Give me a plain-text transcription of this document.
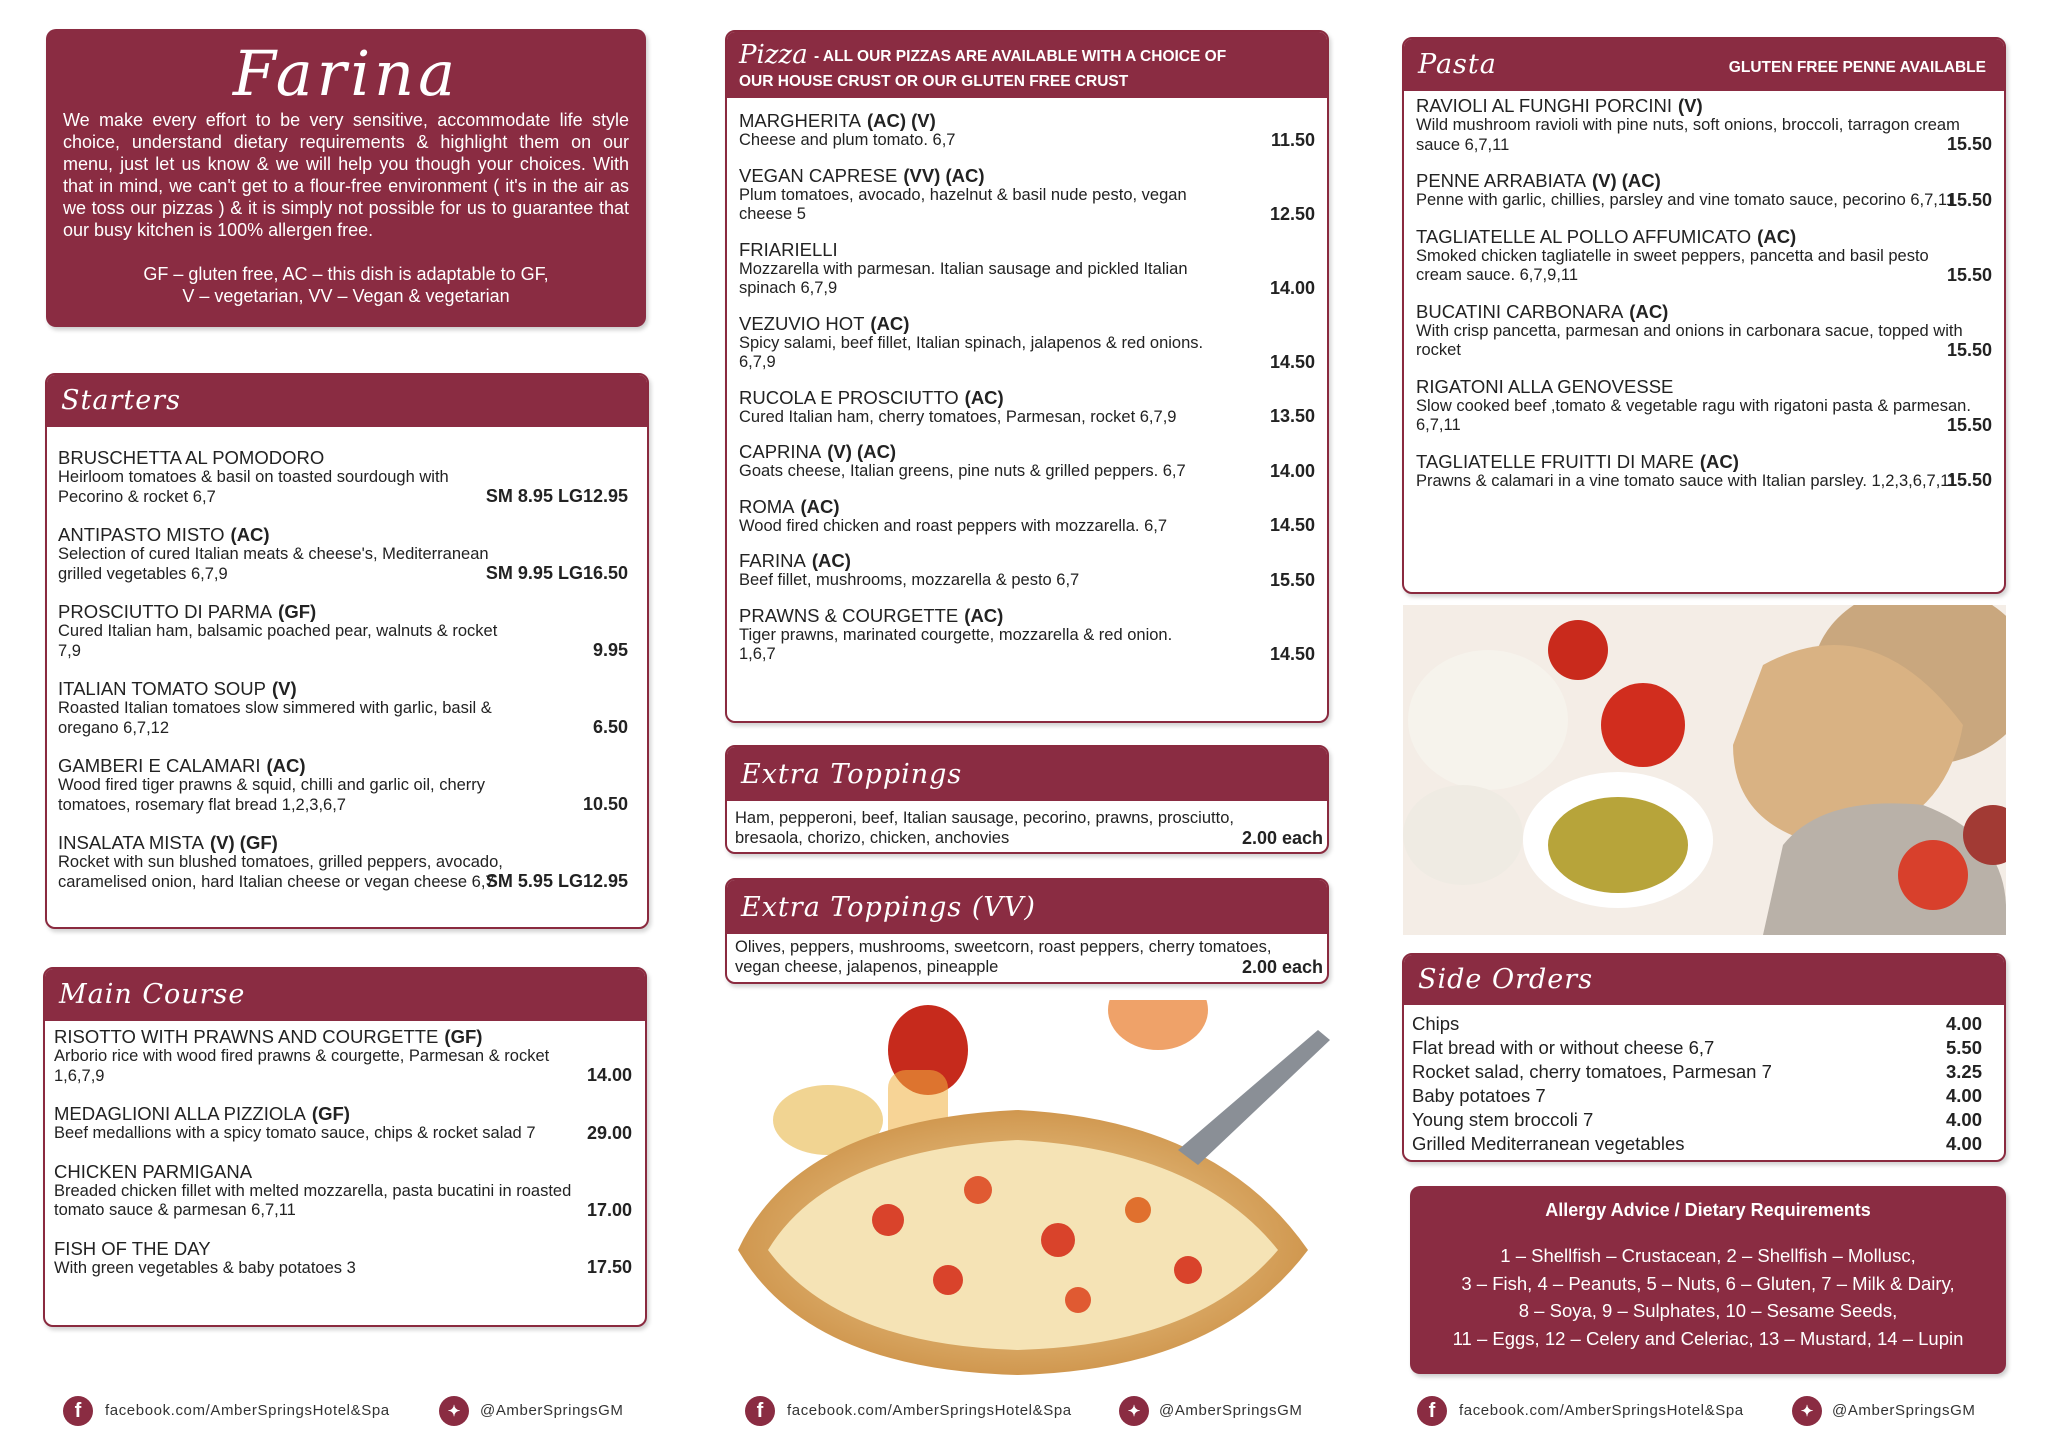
Farina
We make every effort to be very sensitive, accommodate life style choice, understand dietary requirements & highlight them on our menu, just let us know & we will help you though your choices. With that in mind, we can't get to a flour-free environment ( it's in the air as we toss our pizzas ) & it is simply not possible for us to guarantee that our busy kitchen is 100% allergen free.
GF – gluten free, AC – this dish is adaptable to GF,
V – vegetarian, VV – Vegan & vegetarian
Starters
BRUSCHETTA AL POMODORO
Heirloom tomatoes & basil on toasted sourdough with Pecorino & rocket 6,7	SM 8.95 LG12.95
ANTIPASTO MISTO (AC)
Selection of cured Italian meats & cheese's, Mediterranean grilled vegetables 6,7,9	SM 9.95 LG16.50
PROSCIUTTO DI PARMA (GF)
Cured Italian ham, balsamic poached pear, walnuts & rocket 7,9	9.95
ITALIAN TOMATO SOUP (V)
Roasted Italian tomatoes slow simmered with garlic, basil & oregano 6,7,12	6.50
GAMBERI E CALAMARI (AC)
Wood fired tiger prawns & squid, chilli and garlic oil, cherry tomatoes, rosemary flat bread 1,2,3,6,7	10.50
INSALATA MISTA (V) (GF)
Rocket with sun blushed tomatoes, grilled peppers, avocado, caramelised onion, hard Italian cheese or vegan cheese 6,7
SM 5.95 LG12.95
Main Course
RISOTTO WITH PRAWNS AND COURGETTE (GF)
Arborio rice with wood fired prawns & courgette, Parmesan & rocket 1,6,7,9	14.00
MEDAGLIONI ALLA PIZZIOLA (GF)
Beef medallions with a spicy tomato sauce, chips & rocket salad 7	29.00
CHICKEN PARMIGANA
Breaded chicken fillet with melted mozzarella, pasta bucatini in roasted tomato sauce & parmesan 6,7,11	17.00
FISH OF THE DAY
With green vegetables & baby potatoes 3	17.50
Pizza - ALL OUR PIZZAS ARE AVAILABLE WITH A CHOICE OF
OUR HOUSE CRUST OR OUR GLUTEN FREE CRUST
MARGHERITA (AC) (V)
Cheese and plum tomato. 6,7	11.50
VEGAN CAPRESE (VV) (AC)
Plum tomatoes, avocado, hazelnut & basil nude pesto, vegan cheese 5	12.50
FRIARIELLI
Mozzarella with parmesan. Italian sausage and pickled Italian spinach 6,7,9	14.00
VEZUVIO HOT (AC)
Spicy salami, beef fillet, Italian spinach, jalapenos & red onions. 6,7,9	14.50
RUCOLA E PROSCIUTTO (AC)
Cured Italian ham, cherry tomatoes, Parmesan, rocket 6,7,9	13.50
CAPRINA (V) (AC)
Goats cheese, Italian greens, pine nuts & grilled peppers. 6,7	14.00
ROMA (AC)
Wood fired chicken and roast peppers with mozzarella. 6,7	14.50
FARINA (AC)
Beef fillet, mushrooms, mozzarella & pesto 6,7	15.50
PRAWNS & COURGETTE (AC)
Tiger prawns, marinated courgette, mozzarella & red onion. 1,6,7	14.50
Extra Toppings
Ham, pepperoni, beef, Italian sausage, pecorino, prawns, prosciutto, bresaola, chorizo, chicken, anchovies	2.00 each
Extra Toppings (VV)
Olives, peppers, mushrooms, sweetcorn, roast peppers, cherry tomatoes, vegan cheese, jalapenos, pineapple	2.00 each
Pasta	GLUTEN FREE PENNE AVAILABLE
RAVIOLI AL FUNGHI PORCINI (V)
Wild mushroom ravioli with pine nuts, soft onions, broccoli, tarragon cream sauce 6,7,11	15.50
PENNE ARRABIATA (V) (AC)
Penne with garlic, chillies, parsley and vine tomato sauce, pecorino 6,7,11
15.50
TAGLIATELLE AL POLLO AFFUMICATO (AC)
Smoked chicken tagliatelle in sweet peppers, pancetta and basil pesto cream sauce. 6,7,9,11	15.50
BUCATINI CARBONARA (AC)
With crisp pancetta, parmesan and onions in carbonara sacue, topped with rocket	15.50
RIGATONI ALLA GENOVESSE
Slow cooked beef ,tomato & vegetable ragu with rigatoni pasta & parmesan. 6,7,11	15.50
TAGLIATELLE FRUITTI DI MARE (AC)
Prawns & calamari in a vine tomato sauce with Italian parsley. 1,2,3,6,7,11
15.50
Side Orders
Chips	4.00
Flat bread with or without cheese 6,7	5.50
Rocket salad, cherry tomatoes, Parmesan 7	3.25
Baby potatoes 7	4.00
Young stem broccoli 7	4.00
Grilled Mediterranean vegetables	4.00
Allergy Advice / Dietary Requirements
1 – Shellfish – Crustacean, 2 – Shellfish – Mollusc,
3 – Fish, 4 – Peanuts, 5 – Nuts, 6 – Gluten, 7 – Milk & Dairy,
8 – Soya, 9 – Sulphates, 10 – Sesame Seeds,
11 – Eggs, 12 – Celery and Celeriac, 13 – Mustard, 14 – Lupin
f	facebook.com/AmberSpringsHotel&Spa	✦	@AmberSpringsGM	f	facebook.com/AmberSpringsHotel&Spa	✦	@AmberSpringsGM	f	facebook.com/AmberSpringsHotel&Spa	✦	@AmberSpringsGM
